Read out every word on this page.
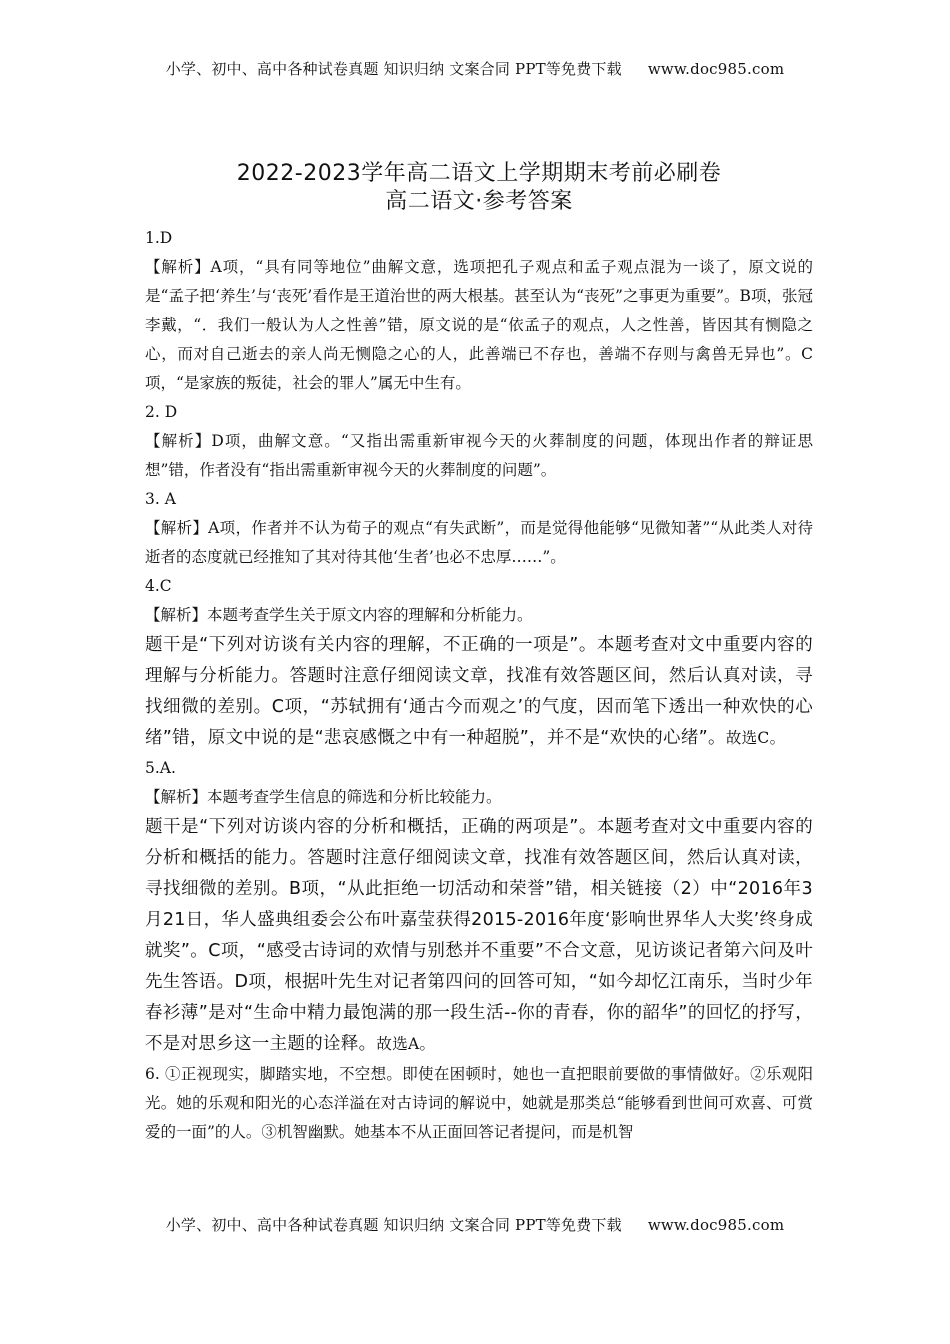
小学、初中、高中各种试卷真题 知识归纳 文案合同 PPT等免费下载 www.doc985.com
2022-2023学年高二语文上学期期末考前必刷卷
高二语文·参考答案

1.D

【解析】A项，“具有同等地位”曲解文意，选项把孔子观点和孟子观点混为一谈了，原文说的是“孟子把‘养生’与‘丧死’看作是王道治世的两大根基。甚至认为“丧死”之事更为重要”。B项，张冠李戴，“．我们一般认为人之性善”错，原文说的是“依孟子的观点，人之性善，皆因其有恻隐之心，而对自己逝去的亲人尚无恻隐之心的人，此善端已不存也，善端不存则与禽兽无异也”。C项，“是家族的叛徒，社会的罪人”属无中生有。

2. D

【解析】D项，曲解文意。“又指出需重新审视今天的火葬制度的问题，体现出作者的辩证思想”错，作者没有“指出需重新审视今天的火葬制度的问题”。

3. A

【解析】A项，作者并不认为荀子的观点“有失武断”，而是觉得他能够“见微知著”“从此类人对待逝者的态度就已经推知了其对待其他‘生者’也必不忠厚……”。

4.C

【解析】本题考查学生关于原文内容的理解和分析能力。

题干是“下列对访谈有关内容的理解，不正确的一项是”。本题考查对文中重要内容的理解与分析能力。答题时注意仔细阅读文章，找准有效答题区间，然后认真对读，寻找细微的差别。C项，“苏轼拥有‘通古今而观之’的气度，因而笔下透出一种欢快的心绪”错，原文中说的是“悲哀感慨之中有一种超脱”，并不是“欢快的心绪”。故选C。

5.A.

【解析】本题考查学生信息的筛选和分析比较能力。

题干是“下列对访谈内容的分析和概括，正确的两项是”。本题考查对文中重要内容的分析和概括的能力。答题时注意仔细阅读文章，找准有效答题区间，然后认真对读，寻找细微的差别。B项，“从此拒绝一切活动和荣誉”错，相关链接（2）中“2016年3月21日，华人盛典组委会公布叶嘉莹获得2015-2016年度‘影响世界华人大奖’终身成就奖”。C项，“感受古诗词的欢情与别愁并不重要”不合文意，见访谈记者第六问及叶先生答语。D项，根据叶先生对记者第四问的回答可知，“如今却忆江南乐，当时少年春衫薄”是对“生命中精力最饱满的那一段生活--你的青春，你的韶华”的回忆的抒写，不是对思乡这一主题的诠释。故选A。

6. ①正视现实，脚踏实地，不空想。即使在困顿时，她也一直把眼前要做的事情做好。②乐观阳光。她的乐观和阳光的心态洋溢在对古诗词的解说中，她就是那类总“能够看到世间可欢喜、可赏爱的一面”的人。③机智幽默。她基本不从正面回答记者提问，而是机智

小学、初中、高中各种试卷真题 知识归纳 文案合同 PPT等免费下载 www.doc985.com
